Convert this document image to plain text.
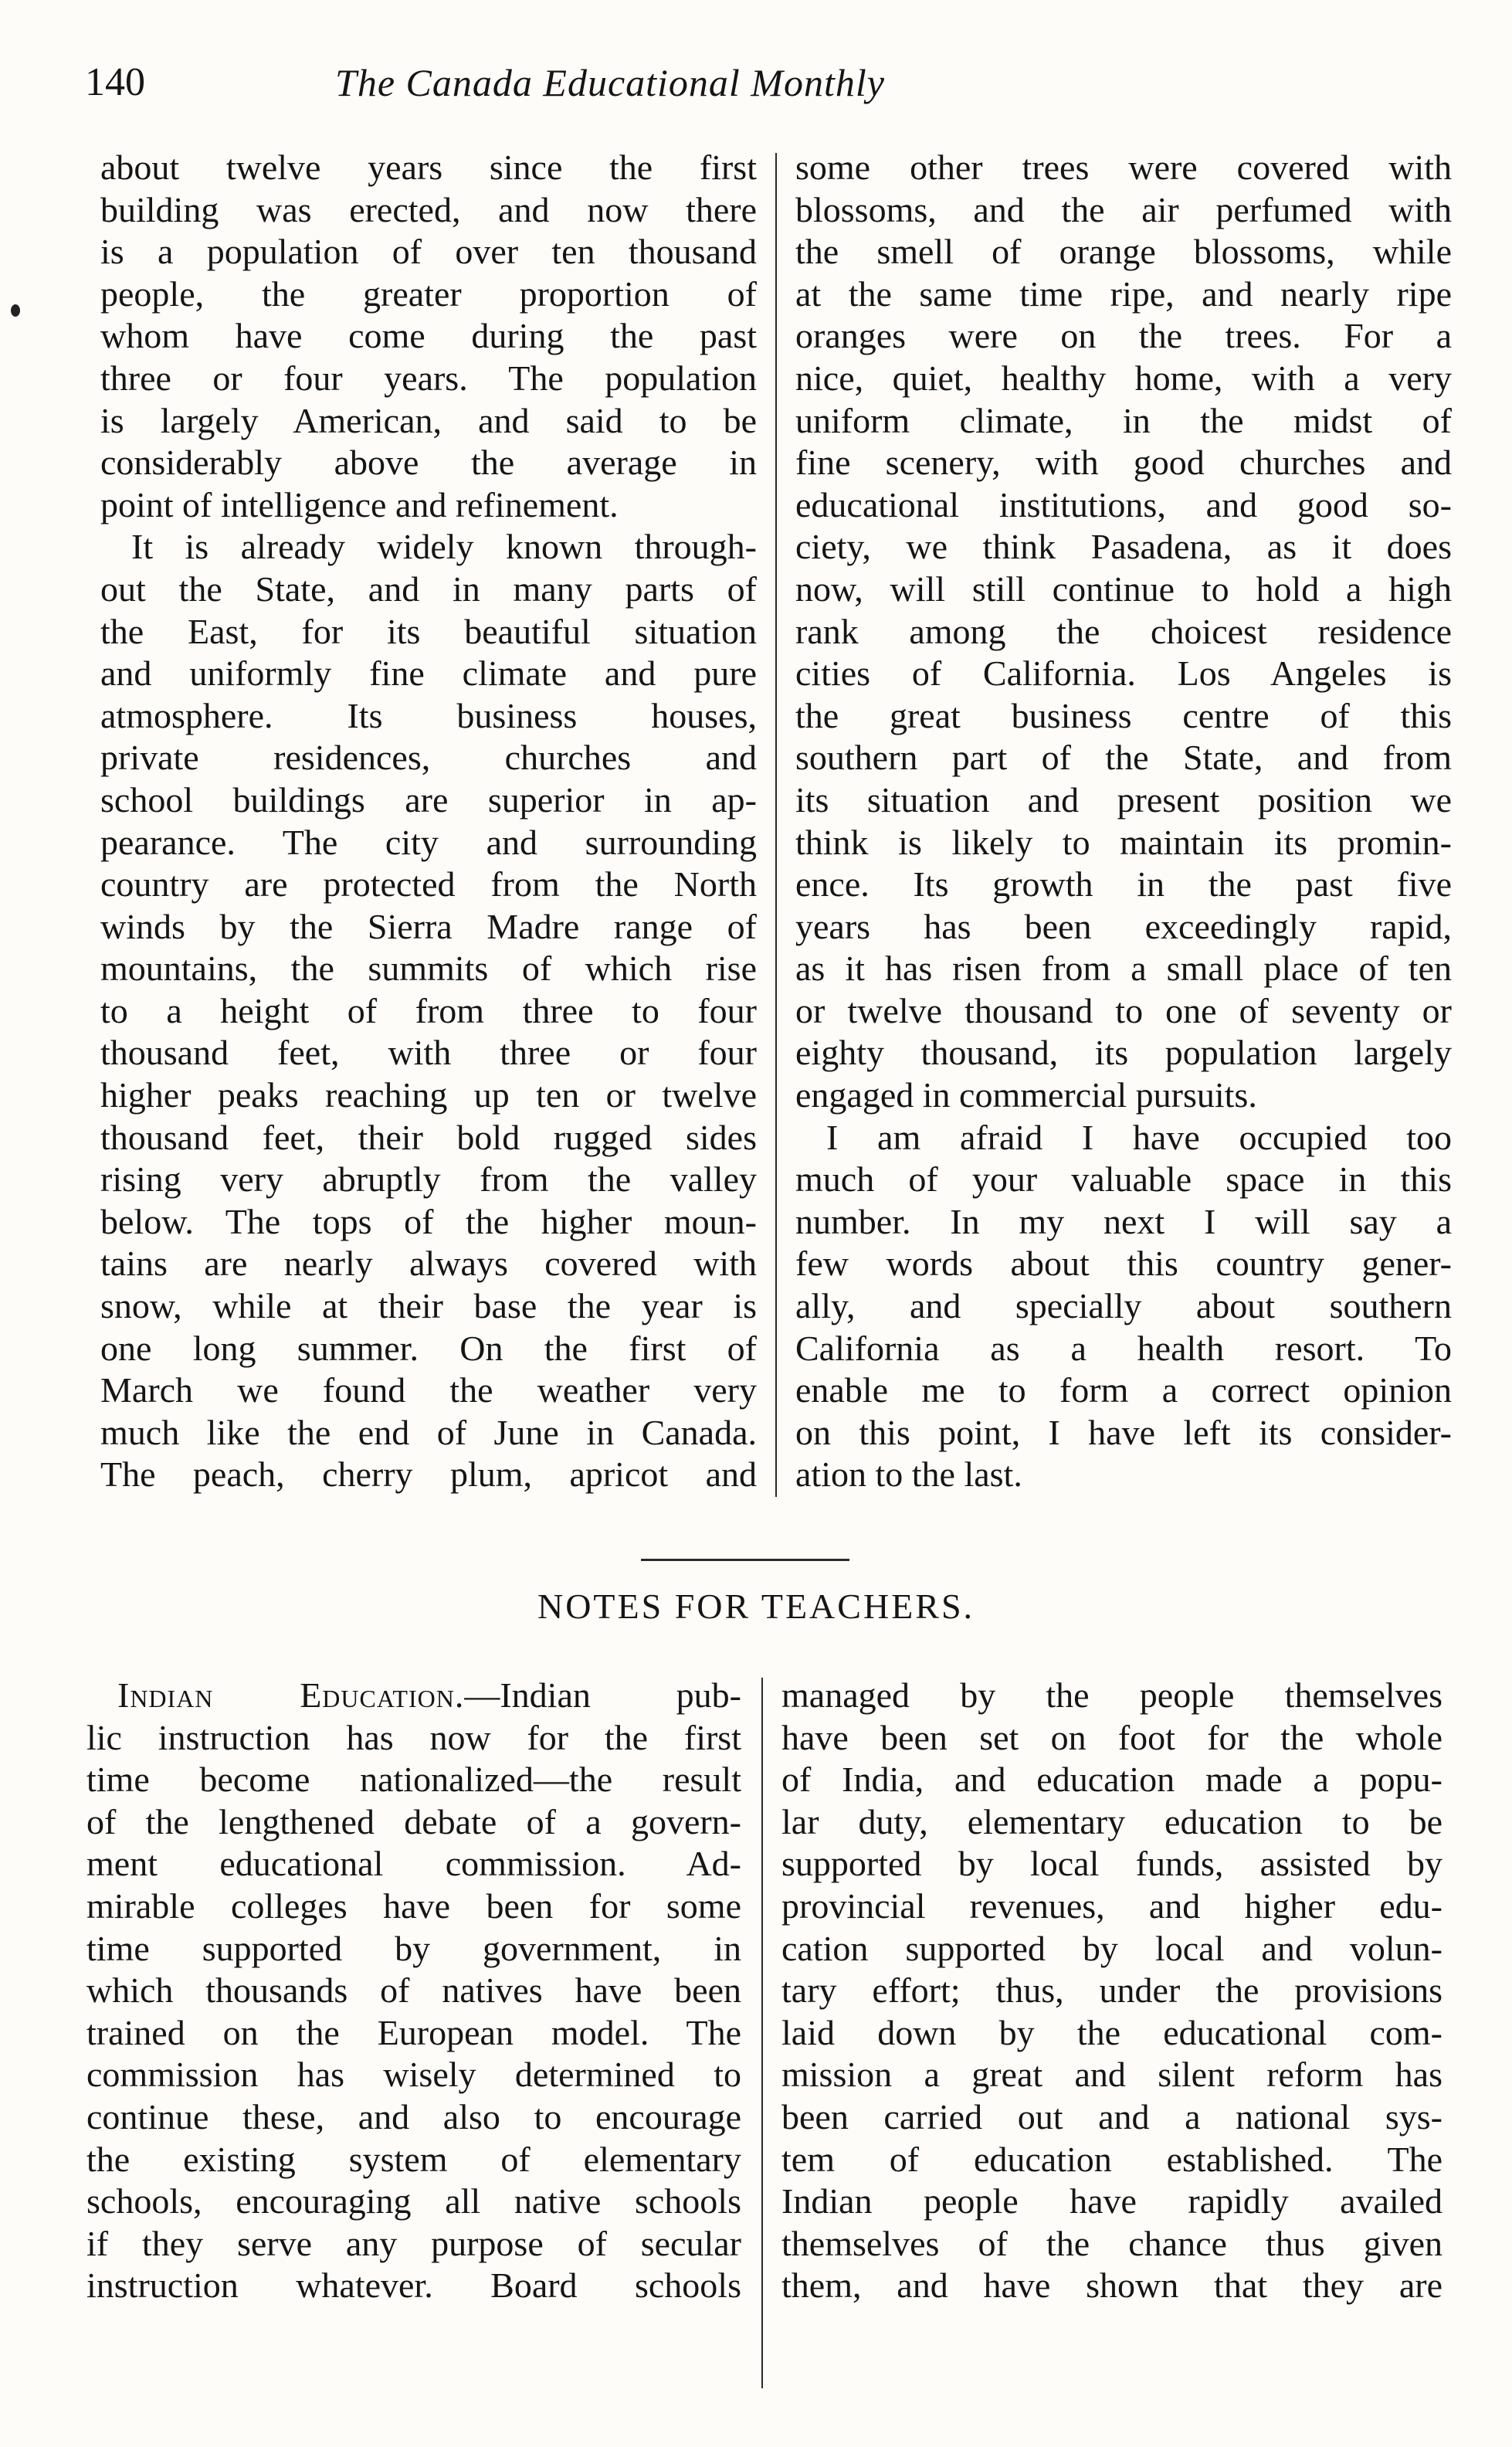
140	The Canada Educational Monthly
about twelve years since the first
building was erected, and now there
is a population of over ten thousand
people, the greater proportion of
whom have come during the past
three or four years. The population
is largely American, and said to be
considerably above the average in
point of intelligence and refinement.
It is already widely known through-
out the State, and in many parts of
the East, for its beautiful situation
and uniformly fine climate and pure
atmosphere. Its business houses,
private residences, churches and
school buildings are superior in ap-
pearance. The city and surrounding
country are protected from the North
winds by the Sierra Madre range of
mountains, the summits of which rise
to a height of from three to four
thousand feet, with three or four
higher peaks reaching up ten or twelve
thousand feet, their bold rugged sides
rising very abruptly from the valley
below. The tops of the higher moun-
tains are nearly always covered with
snow, while at their base the year is
one long summer. On the first of
March we found the weather very
much like the end of June in Canada.
The peach, cherry plum, apricot and
some other trees were covered with
blossoms, and the air perfumed with
the smell of orange blossoms, while
at the same time ripe, and nearly ripe
oranges were on the trees. For a
nice, quiet, healthy home, with a very
uniform climate, in the midst of
fine scenery, with good churches and
educational institutions, and good so-
ciety, we think Pasadena, as it does
now, will still continue to hold a high
rank among the choicest residence
cities of California. Los Angeles is
the great business centre of this
southern part of the State, and from
its situation and present position we
think is likely to maintain its promin-
ence. Its growth in the past five
years has been exceedingly rapid,
as it has risen from a small place of ten
or twelve thousand to one of seventy or
eighty thousand, its population largely
engaged in commercial pursuits.
I am afraid I have occupied too
much of your valuable space in this
number. In my next I will say a
few words about this country gener-
ally, and specially about southern
California as a health resort. To
enable me to form a correct opinion
on this point, I have left its consider-
ation to the last.
NOTES FOR TEACHERS.
Indian Education.—Indian pub-
lic instruction has now for the first
time become nationalized—the result
of the lengthened debate of a govern-
ment educational commission. Ad-
mirable colleges have been for some
time supported by government, in
which thousands of natives have been
trained on the European model. The
commission has wisely determined to
continue these, and also to encourage
the existing system of elementary
schools, encouraging all native schools
if they serve any purpose of secular
instruction whatever. Board schools
managed by the people themselves
have been set on foot for the whole
of India, and education made a popu-
lar duty, elementary education to be
supported by local funds, assisted by
provincial revenues, and higher edu-
cation supported by local and volun-
tary effort; thus, under the provisions
laid down by the educational com-
mission a great and silent reform has
been carried out and a national sys-
tem of education established. The
Indian people have rapidly availed
themselves of the chance thus given
them, and have shown that they are
